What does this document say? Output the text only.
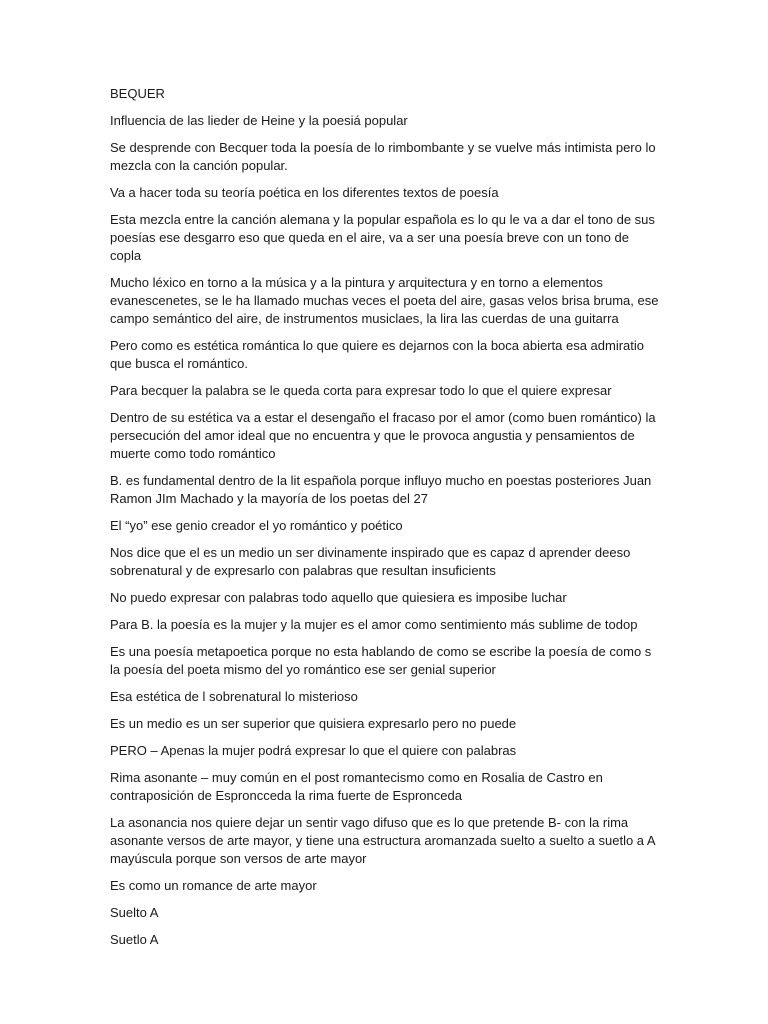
BEQUER

Influencia de las lieder de Heine y la poesiá popular

Se desprende con Becquer toda la poesía de lo rimbombante y se vuelve más intimista pero lo mezcla con la canción popular.

Va a hacer toda su teoría poética en los diferentes textos de poesía

Esta mezcla entre la canción alemana y la popular española es lo qu le va a dar el tono de sus poesías ese desgarro eso que queda en el aire, va a ser una poesía breve con un tono de copla

Mucho léxico en torno a la música y a la pintura y arquitectura y en torno a elementos evanescenetes, se le ha llamado muchas veces el poeta del aire, gasas velos brisa bruma, ese campo semántico del aire, de instrumentos musiclaes, la lira las cuerdas de una guitarra

Pero como es estética romántica lo que quiere es dejarnos con la boca abierta esa admiratio que busca el romántico.

Para becquer la palabra se le queda corta para expresar todo lo que el quiere expresar

Dentro de su estética va a estar el desengaño el fracaso por el amor (como buen romántico) la persecución del amor ideal que no encuentra y que le provoca angustia y pensamientos de muerte como todo romántico

B. es fundamental dentro de la lit española porque influyo mucho en poestas posteriores Juan Ramon JIm Machado y la mayoría de los poetas del 27

El “yo” ese genio creador el yo romántico y poético

Nos dice que el es un medio un ser divinamente inspirado que es capaz d aprender deeso sobrenatural y de expresarlo con palabras que resultan insuficients

No puedo expresar con palabras todo aquello que quiesiera es imposibe luchar

Para B. la poesía es la mujer y la mujer es el amor como sentimiento más sublime de todop

Es una poesía metapoetica porque no esta hablando de como se escribe la poesía de como s la poesía del poeta mismo del yo romántico ese ser genial superior

Esa estética de l sobrenatural lo misterioso

Es un medio es un ser superior que quisiera expresarlo pero no puede

PERO – Apenas la mujer podrá expresar lo que el quiere con palabras

Rima asonante – muy común en el post romantecismo como en Rosalia de Castro en contraposición de Esproncceda la rima fuerte de Espronceda

La asonancia nos quiere dejar un sentir vago difuso que es lo que pretende B- con la rima asonante versos de arte mayor, y tiene una estructura aromanzada suelto a suelto a suetlo a A mayúscula porque son versos de arte mayor

Es como un romance de arte mayor

Suelto A

Suetlo A
